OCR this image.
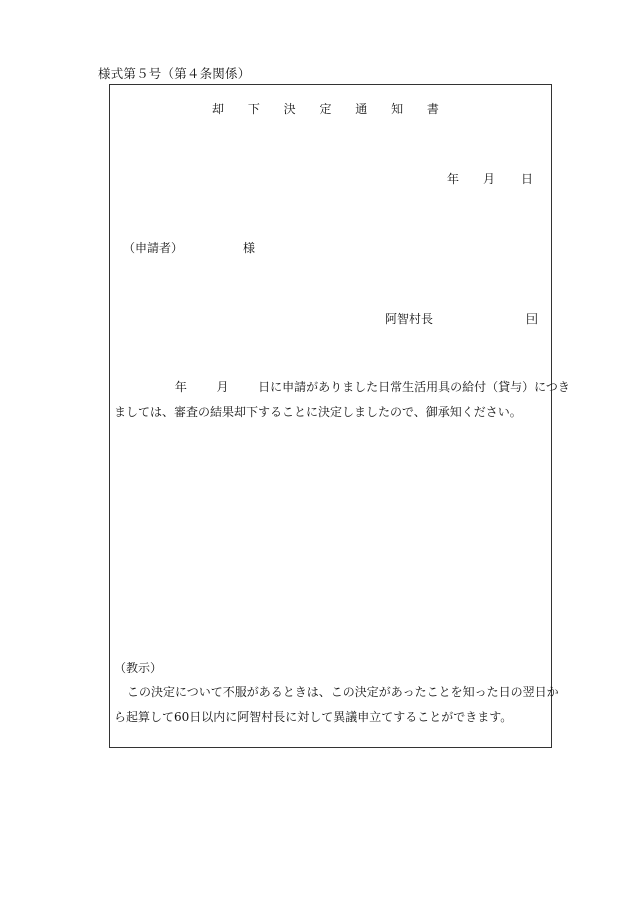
様式第５号（第４条関係）
却 下 決 定 通 知 書
年 月 日
（申請者）	様
阿智村長	囙
年 月 日に申請がありました日常生活用具の給付（貸与）につき
ましては、審査の結果却下することに決定しましたので、御承知ください。
（教示）
この決定について不服があるときは、この決定があったことを知った日の翌日か
ら起算して60日以内に阿智村長に対して異議申立てすることができます。
